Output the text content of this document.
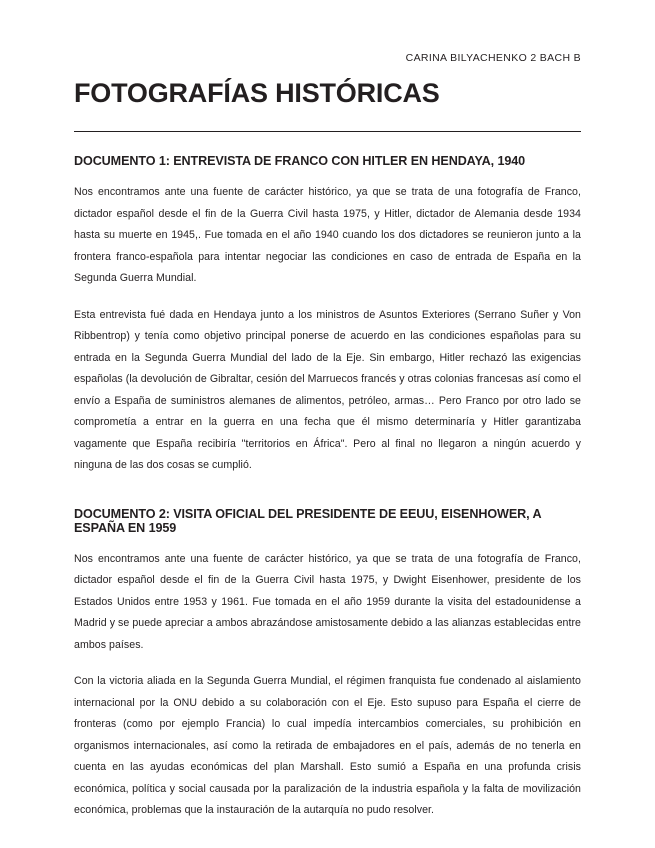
CARINA BILYACHENKO 2 BACH B
FOTOGRAFÍAS HISTÓRICAS
DOCUMENTO 1: ENTREVISTA DE FRANCO CON HITLER EN HENDAYA, 1940

Nos encontramos ante una fuente de carácter histórico, ya que se trata de una fotografía de Franco, dictador español desde el fin de la Guerra Civil hasta 1975, y Hitler, dictador de Alemania desde 1934 hasta su muerte en 1945,. Fue tomada en el año 1940 cuando los dos dictadores se reunieron junto a la frontera franco-española para intentar negociar las condiciones en caso de entrada de España en la Segunda Guerra Mundial.

Esta entrevista fué dada en Hendaya junto a los ministros de Asuntos Exteriores (Serrano Suñer y Von Ribbentrop) y tenía como objetivo principal ponerse de acuerdo en las condiciones españolas para su entrada en la Segunda Guerra Mundial del lado de la Eje. Sin embargo, Hitler rechazó las exigencias españolas (la devolución de Gibraltar, cesión del Marruecos francés y otras colonias francesas así como el envío a España de suministros alemanes de alimentos, petróleo, armas… Pero Franco por otro lado se comprometía a entrar en la guerra en una fecha que él mismo determinaría y Hitler garantizaba vagamente que España recibiría "territorios en África". Pero al final no llegaron a ningún acuerdo y ninguna de las dos cosas se cumplió.

DOCUMENTO 2: VISITA OFICIAL DEL PRESIDENTE DE EEUU, EISENHOWER, A ESPAÑA EN 1959

Nos encontramos ante una fuente de carácter histórico, ya que se trata de una fotografía de Franco, dictador español desde el fin de la Guerra Civil hasta 1975, y Dwight Eisenhower, presidente de los Estados Unidos entre 1953 y 1961. Fue tomada en el año 1959 durante la visita del estadounidense a Madrid y se puede apreciar a ambos abrazándose amistosamente debido a las alianzas establecidas entre ambos países.

Con la victoria aliada en la Segunda Guerra Mundial, el régimen franquista fue condenado al aislamiento internacional por la ONU debido a su colaboración con el Eje. Esto supuso para España el cierre de fronteras (como por ejemplo Francia) lo cual impedía intercambios comerciales, su prohibición en organismos internacionales, así como la retirada de embajadores en el país, además de no tenerla en cuenta en las ayudas económicas del plan Marshall. Esto sumió a España en una profunda crisis económica, política y social causada por la paralización de la industria española y la falta de movilización económica, problemas que la instauración de la autarquía no pudo resolver.
